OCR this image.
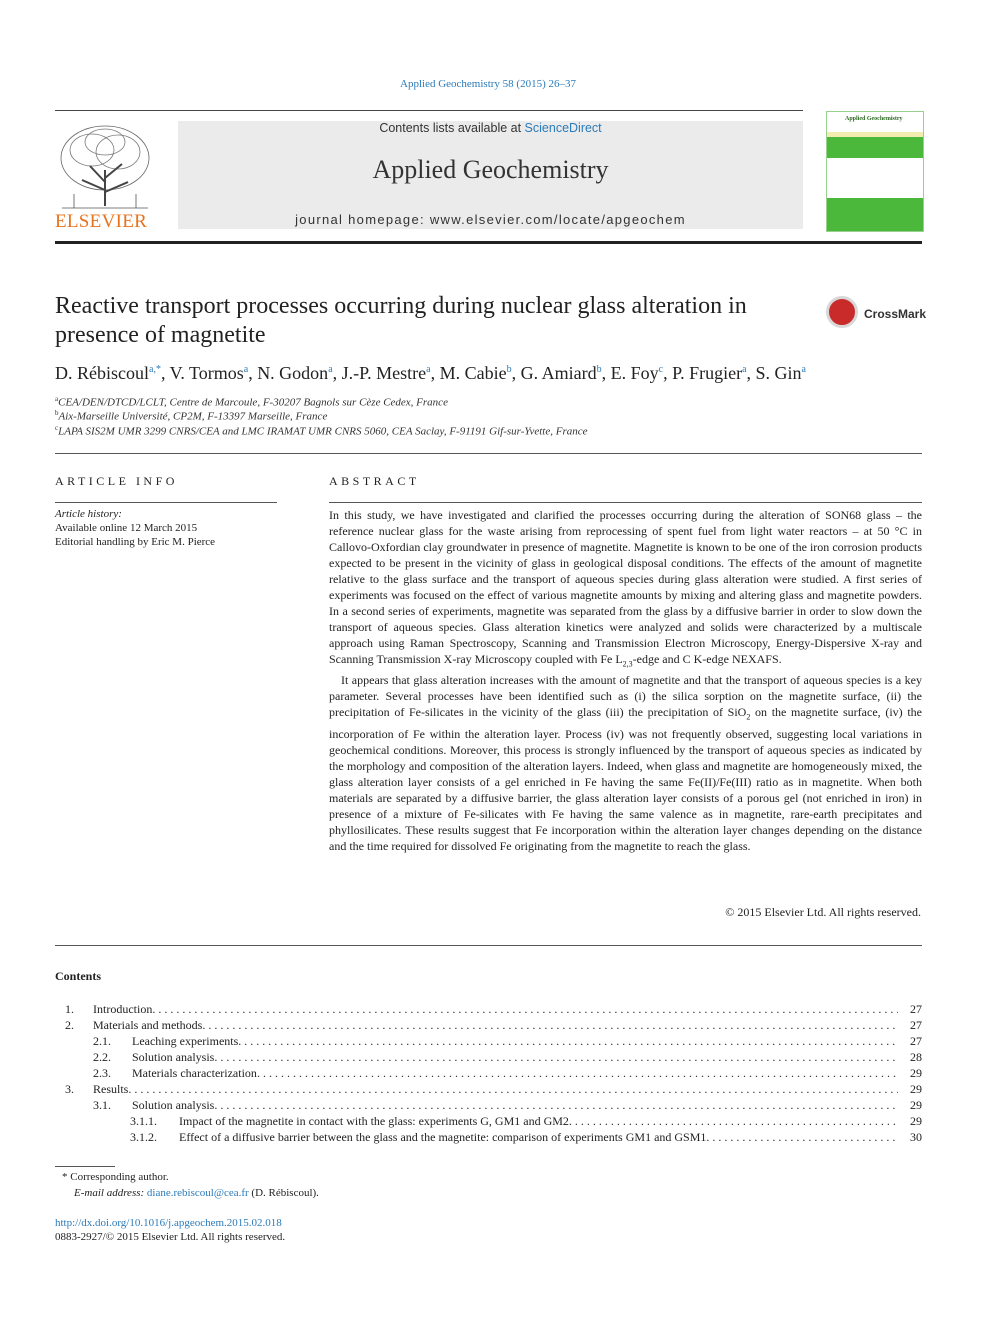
Applied Geochemistry 58 (2015) 26–37
ELSEVIER
Contents lists available at ScienceDirect
Applied Geochemistry
journal homepage: www.elsevier.com/locate/apgeochem
Applied Geochemistry
Reactive transport processes occurring during nuclear glass alteration in presence of magnetite
CrossMark
D. Rébiscoul$^{a,*}$, V. Tormos$^a$, N. Godon$^a$, J.-P. Mestre$^a$, M. Cabie$^b$, G. Amiard$^b$, E. Foy$^c$, P. Frugier$^a$, S. Gin$^a$
$^a$CEA/DEN/DTCD/LCLT, Centre de Marcoule, F-30207 Bagnols sur Cèze Cedex, France
$^b$Aix-Marseille Université, CP2M, F-13397 Marseille, France
$^c$LAPA SIS2M UMR 3299 CNRS/CEA and LMC IRAMAT UMR CNRS 5060, CEA Saclay, F-91191 Gif-sur-Yvette, France
ARTICLE INFO
Article history:
Available online 12 March 2015
Editorial handling by Eric M. Pierce
ABSTRACT

In this study, we have investigated and clarified the processes occurring during the alteration of SON68 glass – the reference nuclear glass for the waste arising from reprocessing of spent fuel from light water reactors – at 50 °C in Callovo-Oxfordian clay groundwater in presence of magnetite. Magnetite is known to be one of the iron corrosion products expected to be present in the vicinity of glass in geological disposal conditions. The effects of the amount of magnetite relative to the glass surface and the transport of aqueous species during glass alteration were studied. A first series of experiments was focused on the effect of various magnetite amounts by mixing and altering glass and magnetite powders. In a second series of experiments, magnetite was separated from the glass by a diffusive barrier in order to slow down the transport of aqueous species. Glass alteration kinetics were analyzed and solids were characterized by a multiscale approach using Raman Spectroscopy, Scanning and Transmission Electron Microscopy, Energy-Dispersive X-ray and Scanning Transmission X-ray Microscopy coupled with Fe $L_{2,3}$-edge and C K-edge NEXAFS.

It appears that glass alteration increases with the amount of magnetite and that the transport of aqueous species is a key parameter. Several processes have been identified such as (i) the silica sorption on the magnetite surface, (ii) the precipitation of Fe-silicates in the vicinity of the glass (iii) the precipitation of SiO$_2$ on the magnetite surface, (iv) the incorporation of Fe within the alteration layer. Process (iv) was not frequently observed, suggesting local variations in geochemical conditions. Moreover, this process is strongly influenced by the transport of aqueous species as indicated by the morphology and composition of the alteration layers. Indeed, when glass and magnetite are homogeneously mixed, the glass alteration layer consists of a gel enriched in Fe having the same Fe(II)/Fe(III) ratio as in magnetite. When both materials are separated by a diffusive barrier, the glass alteration layer consists of a porous gel (not enriched in iron) in presence of a mixture of Fe-silicates with Fe having the same valence as in magnetite, rare-earth precipitates and phyllosilicates. These results suggest that Fe incorporation within the alteration layer changes depending on the distance and the time required for dissolved Fe originating from the magnetite to reach the glass.

© 2015 Elsevier Ltd. All rights reserved.
Contents
1. Introduction . . .	27
2. Materials and methods . . .	27
2.1. Leaching experiments . . .	27
2.2. Solution analysis . . .	28
2.3. Materials characterization . . .	29
3. Results . . .	29
3.1. Solution analysis . . .	29
3.1.1. Impact of the magnetite in contact with the glass: experiments G, GM1 and GM2 . . .	29
3.1.2. Effect of a diffusive barrier between the glass and the magnetite: comparison of experiments GM1 and GSM1 . . .	30
* Corresponding author.
E-mail address: diane.rebiscoul@cea.fr (D. Rébiscoul).
http://dx.doi.org/10.1016/j.apgeochem.2015.02.018
0883-2927/© 2015 Elsevier Ltd. All rights reserved.
